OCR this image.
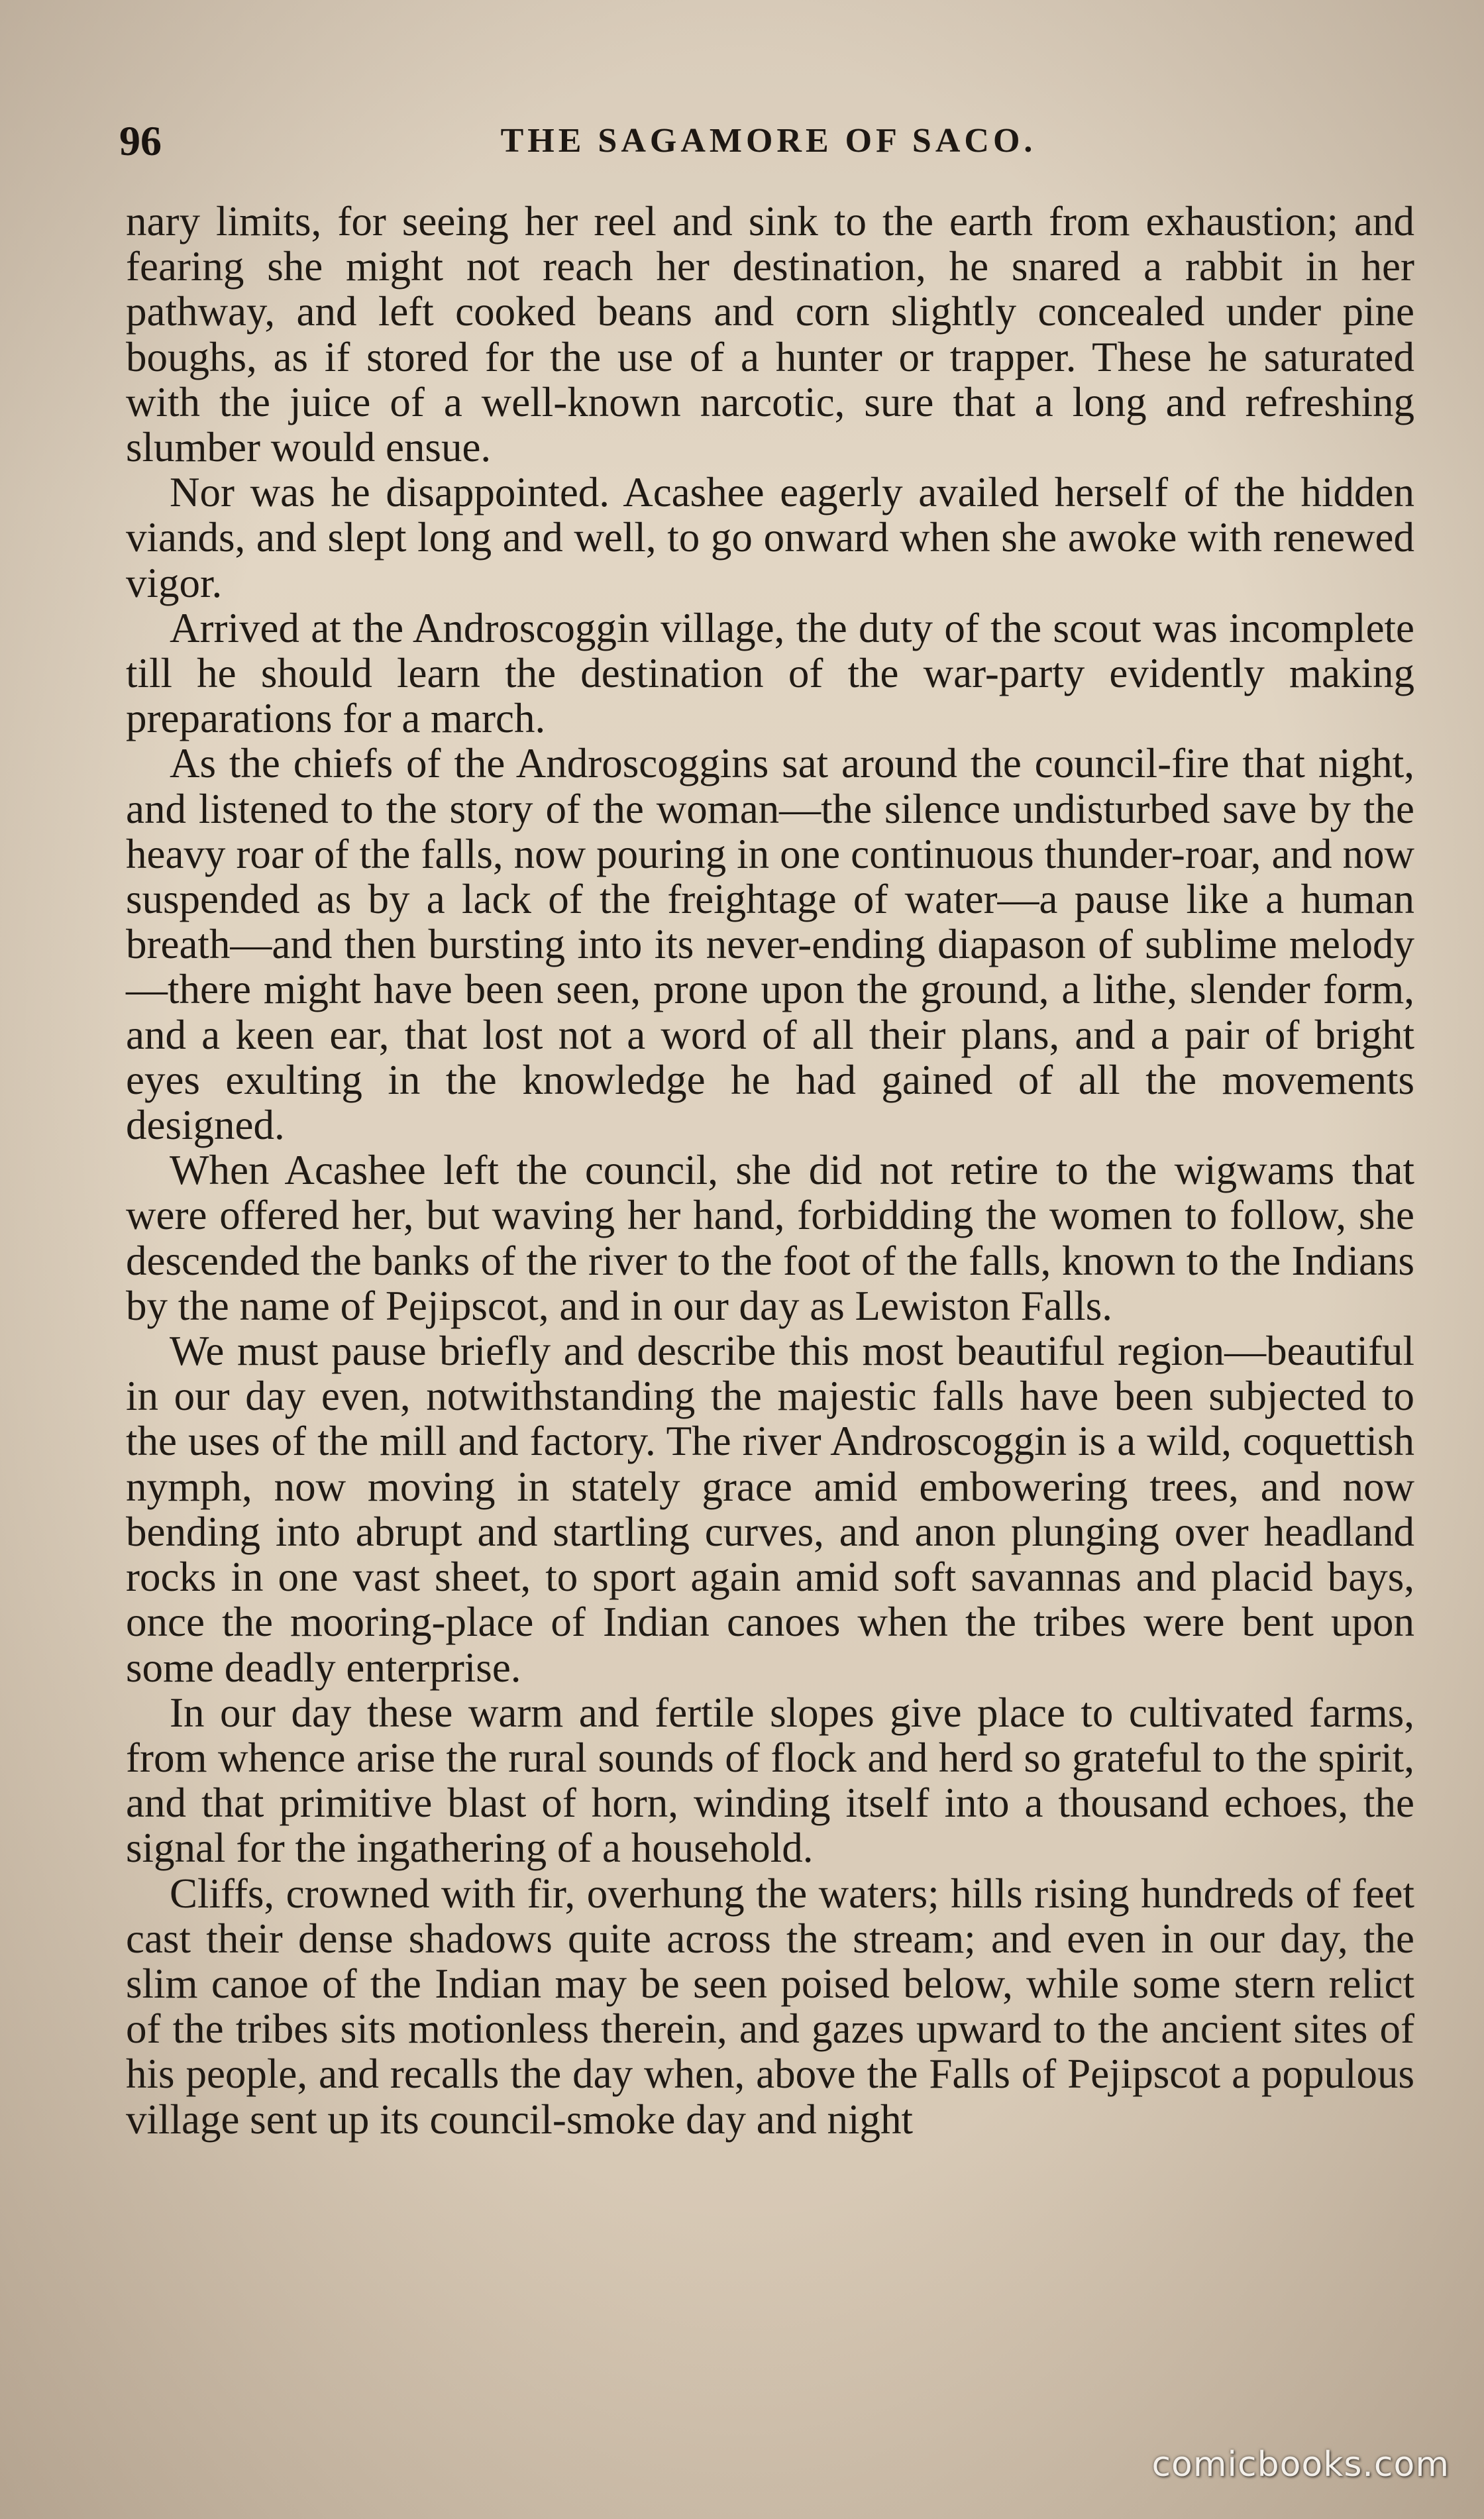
96	THE SAGAMORE OF SACO.

nary limits, for seeing her reel and sink to the earth from exhaustion; and fearing she might not reach her destination, he snared a rabbit in her pathway, and left cooked beans and corn slightly concealed under pine boughs, as if stored for the use of a hunter or trapper. These he saturated with the juice of a well-known narcotic, sure that a long and refreshing slumber would ensue.

Nor was he disappointed. Acashee eagerly availed herself of the hidden viands, and slept long and well, to go onward when she awoke with renewed vigor.

Arrived at the Androscoggin village, the duty of the scout was incomplete till he should learn the destination of the war-party evidently making preparations for a march.

As the chiefs of the Androscoggins sat around the council-fire that night, and listened to the story of the woman—the silence undisturbed save by the heavy roar of the falls, now pouring in one continuous thunder-roar, and now suspended as by a lack of the freightage of water—a pause like a human breath—and then bursting into its never-ending diapason of sublime melody—there might have been seen, prone upon the ground, a lithe, slender form, and a keen ear, that lost not a word of all their plans, and a pair of bright eyes exulting in the knowledge he had gained of all the movements designed.

When Acashee left the council, she did not retire to the wigwams that were offered her, but waving her hand, forbidding the women to follow, she descended the banks of the river to the foot of the falls, known to the Indians by the name of Pejipscot, and in our day as Lewiston Falls.

We must pause briefly and describe this most beautiful region—beautiful in our day even, notwithstanding the majestic falls have been subjected to the uses of the mill and factory. The river Androscoggin is a wild, coquettish nymph, now moving in stately grace amid embowering trees, and now bending into abrupt and startling curves, and anon plunging over headland rocks in one vast sheet, to sport again amid soft savannas and placid bays, once the mooring-place of Indian canoes when the tribes were bent upon some deadly enterprise.

In our day these warm and fertile slopes give place to cultivated farms, from whence arise the rural sounds of flock and herd so grateful to the spirit, and that primitive blast of horn, winding itself into a thousand echoes, the signal for the ingathering of a household.

Cliffs, crowned with fir, overhung the waters; hills rising hundreds of feet cast their dense shadows quite across the stream; and even in our day, the slim canoe of the Indian may be seen poised below, while some stern relict of the tribes sits motionless therein, and gazes upward to the ancient sites of his people, and recalls the day when, above the Falls of Pejipscot a populous village sent up its council-smoke day and night

comicbooks.com
